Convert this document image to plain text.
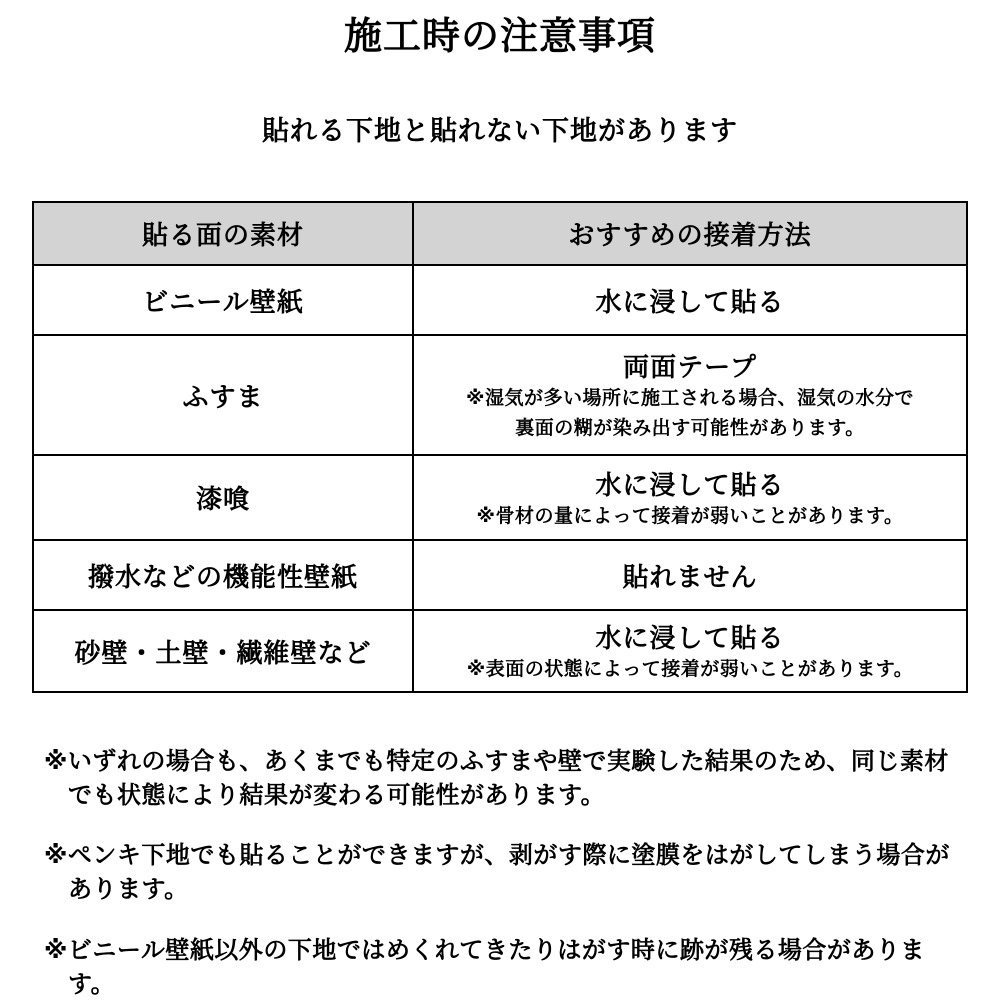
施工時の注意事項
貼れる下地と貼れない下地があります
貼る面の素材	おすすめの接着方法
ビニール壁紙	水に浸して貼る

ふすま	両面テープ
※湿気が多い場所に施工される場合、湿気の水分で
裏面の糊が染み出す可能性があります。

漆喰	水に浸して貼る
※骨材の量によって接着が弱いことがあります。

撥水などの機能性壁紙	貼れません

砂壁・土壁・繊維壁など	水に浸して貼る
※表面の状態によって接着が弱いことがあります。

※いずれの場合も、あくまでも特定のふすまや壁で実験した結果のため、同じ素材でも状態により結果が変わる可能性があります。

※ペンキ下地でも貼ることができますが、剥がす際に塗膜をはがしてしまう場合があります。

※ビニール壁紙以外の下地ではめくれてきたりはがす時に跡が残る場合があります。
